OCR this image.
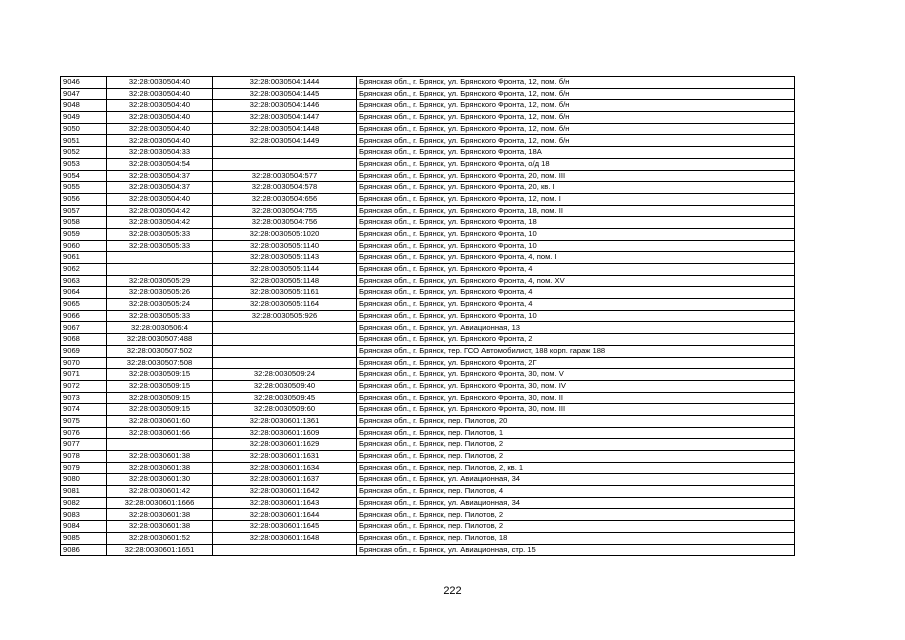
9046	32:28:0030504:40	32:28:0030504:1444	Брянская обл., г. Брянск, ул. Брянского Фронта, 12, пом. б/н
9047	32:28:0030504:40	32:28:0030504:1445	Брянская обл., г. Брянск, ул. Брянского Фронта, 12, пом. б/н
9048	32:28:0030504:40	32:28:0030504:1446	Брянская обл., г. Брянск, ул. Брянского Фронта, 12, пом. б/н
9049	32:28:0030504:40	32:28:0030504:1447	Брянская обл., г. Брянск, ул. Брянского Фронта, 12, пом. б/н
9050	32:28:0030504:40	32:28:0030504:1448	Брянская обл., г. Брянск, ул. Брянского Фронта, 12, пом. б/н
9051	32:28:0030504:40	32:28:0030504:1449	Брянская обл., г. Брянск, ул. Брянского Фронта, 12, пом. б/н
9052	32:28:0030504:33		Брянская обл., г. Брянск, ул. Брянского Фронта, 18А
9053	32:28:0030504:54		Брянская обл., г. Брянск, ул. Брянского Фронта, о/д 18
9054	32:28:0030504:37	32:28:0030504:577	Брянская обл., г. Брянск, ул. Брянского Фронта, 20, пом. III
9055	32:28:0030504:37	32:28:0030504:578	Брянская обл., г. Брянск, ул. Брянского Фронта, 20, кв. I
9056	32:28:0030504:40	32:28:0030504:656	Брянская обл., г. Брянск, ул. Брянского Фронта, 12, пом. I
9057	32:28:0030504:42	32:28:0030504:755	Брянская обл., г. Брянск, ул. Брянского Фронта, 18, пом. II
9058	32:28:0030504:42	32:28:0030504:756	Брянская обл., г. Брянск, ул. Брянского Фронта, 18
9059	32:28:0030505:33	32:28:0030505:1020	Брянская обл., г. Брянск, ул. Брянского Фронта, 10
9060	32:28:0030505:33	32:28:0030505:1140	Брянская обл., г. Брянск, ул. Брянского Фронта, 10
9061		32:28:0030505:1143	Брянская обл., г. Брянск, ул. Брянского Фронта, 4, пом. I
9062		32:28:0030505:1144	Брянская обл., г. Брянск, ул. Брянского Фронта, 4
9063	32:28:0030505:29	32:28:0030505:1148	Брянская обл., г. Брянск, ул. Брянского Фронта, 4, пом. XV
9064	32:28:0030505:26	32:28:0030505:1161	Брянская обл., г. Брянск, ул. Брянского Фронта, 4
9065	32:28:0030505:24	32:28:0030505:1164	Брянская обл., г. Брянск, ул. Брянского Фронта, 4
9066	32:28:0030505:33	32:28:0030505:926	Брянская обл., г. Брянск, ул. Брянского Фронта, 10
9067	32:28:0030506:4		Брянская обл., г. Брянск, ул. Авиационная, 13
9068	32:28:0030507:488		Брянская обл., г. Брянск, ул. Брянского Фронта, 2
9069	32:28:0030507:502		Брянская обл., г. Брянск, тер. ГСО Автомобилист, 188 корп. гараж 188
9070	32:28:0030507:508		Брянская обл., г. Брянск, ул. Брянского Фронта, 2Г
9071	32:28:0030509:15	32:28:0030509:24	Брянская обл., г. Брянск, ул. Брянского Фронта, 30, пом. V
9072	32:28:0030509:15	32:28:0030509:40	Брянская обл., г. Брянск, ул. Брянского Фронта, 30, пом. IV
9073	32:28:0030509:15	32:28:0030509:45	Брянская обл., г. Брянск, ул. Брянского Фронта, 30, пом. II
9074	32:28:0030509:15	32:28:0030509:60	Брянская обл., г. Брянск, ул. Брянского Фронта, 30, пом. III
9075	32:28:0030601:60	32:28:0030601:1361	Брянская обл., г. Брянск, пер. Пилотов, 20
9076	32:28:0030601:66	32:28:0030601:1609	Брянская обл., г. Брянск, пер. Пилотов, 1
9077		32:28:0030601:1629	Брянская обл., г. Брянск, пер. Пилотов, 2
9078	32:28:0030601:38	32:28:0030601:1631	Брянская обл., г. Брянск, пер. Пилотов, 2
9079	32:28:0030601:38	32:28:0030601:1634	Брянская обл., г. Брянск, пер. Пилотов, 2, кв. 1
9080	32:28:0030601:30	32:28:0030601:1637	Брянская обл., г. Брянск, ул. Авиационная, 34
9081	32:28:0030601:42	32:28:0030601:1642	Брянская обл., г. Брянск, пер. Пилотов, 4
9082	32:28:0030601:1666	32:28:0030601:1643	Брянская обл., г. Брянск, ул. Авиационная, 34
9083	32:28:0030601:38	32:28:0030601:1644	Брянская обл., г. Брянск, пер. Пилотов, 2
9084	32:28:0030601:38	32:28:0030601:1645	Брянская обл., г. Брянск, пер. Пилотов, 2
9085	32:28:0030601:52	32:28:0030601:1648	Брянская обл., г. Брянск, пер. Пилотов, 18
9086	32:28:0030601:1651		Брянская обл., г. Брянск, ул. Авиационная, стр. 15
222
